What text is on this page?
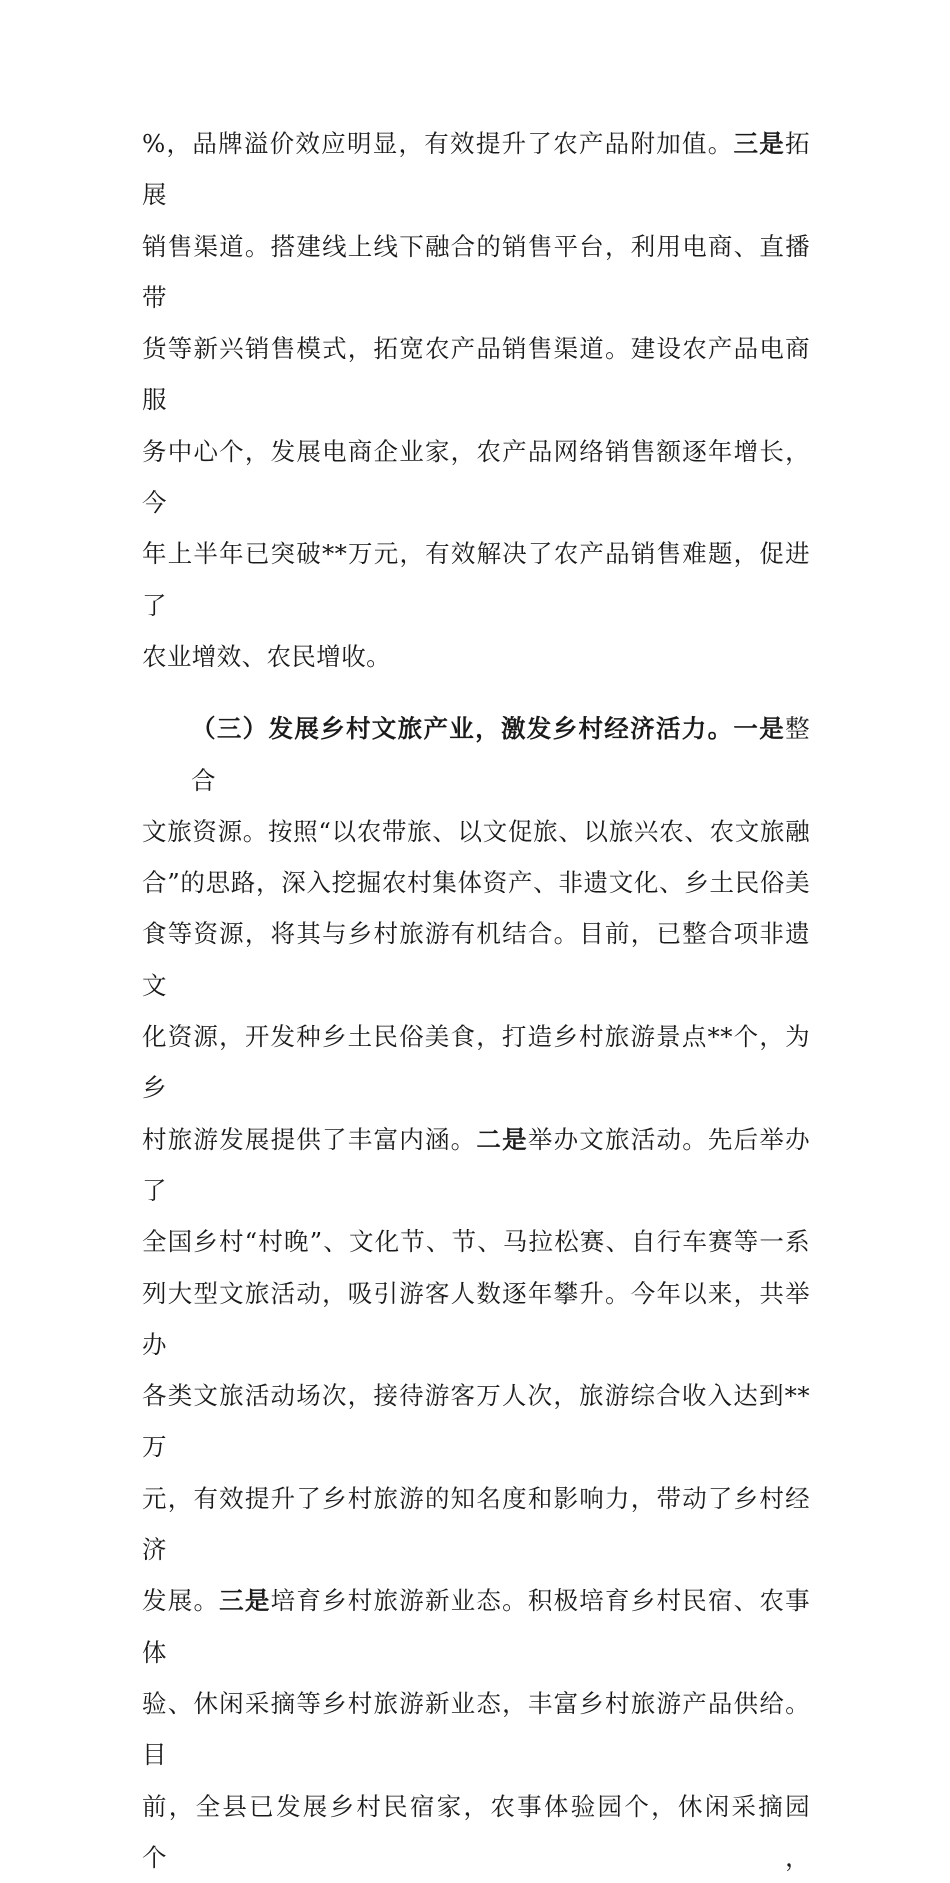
%，品牌溢价效应明显，有效提升了农产品附加值。三是拓展
销售渠道。搭建线上线下融合的销售平台，利用电商、直播带
货等新兴销售模式，拓宽农产品销售渠道。建设农产品电商服
务中心个，发展电商企业家，农产品网络销售额逐年增长，今
年上半年已突破**万元，有效解决了农产品销售难题，促进了
农业增效、农民增收。
（三）发展乡村文旅产业，激发乡村经济活力。一是整合
文旅资源。按照“以农带旅、以文促旅、以旅兴农、农文旅融
合”的思路，深入挖掘农村集体资产、非遗文化、乡土民俗美
食等资源，将其与乡村旅游有机结合。目前，已整合项非遗文
化资源，开发种乡土民俗美食，打造乡村旅游景点**个，为乡
村旅游发展提供了丰富内涵。二是举办文旅活动。先后举办了
全国乡村“村晚”、文化节、节、马拉松赛、自行车赛等一系
列大型文旅活动，吸引游客人数逐年攀升。今年以来，共举办
各类文旅活动场次，接待游客万人次，旅游综合收入达到**万
元，有效提升了乡村旅游的知名度和影响力，带动了乡村经济
发展。三是培育乡村旅游新业态。积极培育乡村民宿、农事体
验、休闲采摘等乡村旅游新业态，丰富乡村旅游产品供给。目
前，全县已发展乡村民宿家，农事体验园个，休闲采摘园个，
